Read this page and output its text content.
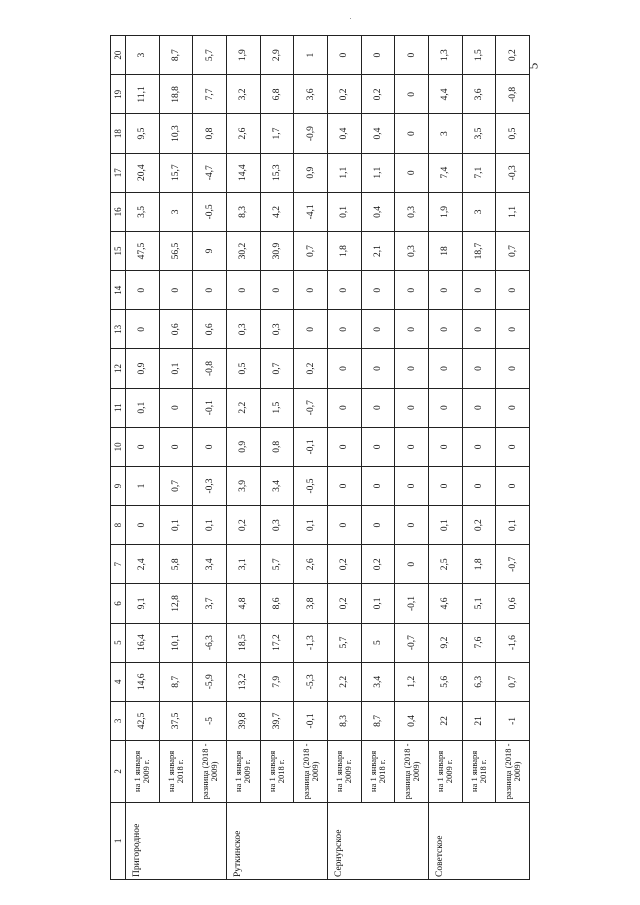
5
1	2	3	4	5	6	7	8	9	10	11	12	13	14	15	16	17	18	19	20
Пригородное	на 1 января 2009 г.	42,5	14,6	16,4	9,1	2,4	0	1	0	0,1	0,9	0	0	47,5	3,5	20,4	9,5	11,1	3
	на 1 января 2018 г.	37,5	8,7	10,1	12,8	5,8	0,1	0,7	0	0	0,1	0,6	0	56,5	3	15,7	10,3	18,8	8,7
	разница (2018 - 2009)	-5	-5,9	-6,3	3,7	3,4	0,1	-0,3	0	-0,1	-0,8	0,6	0	9	-0,5	-4,7	0,8	7,7	5,7
Руткинское	на 1 января 2009 г.	39,8	13,2	18,5	4,8	3,1	0,2	3,9	0,9	2,2	0,5	0,3	0	30,2	8,3	14,4	2,6	3,2	1,9
	на 1 января 2018 г.	39,7	7,9	17,2	8,6	5,7	0,3	3,4	0,8	1,5	0,7	0,3	0	30,9	4,2	15,3	1,7	6,8	2,9
	разница (2018 - 2009)	-0,1	-5,3	-1,3	3,8	2,6	0,1	-0,5	-0,1	-0,7	0,2	0	0	0,7	-4,1	0,9	-0,9	3,6	1
Сернурское	на 1 января 2009 г.	8,3	2,2	5,7	0,2	0,2	0	0	0	0	0	0	0	1,8	0,1	1,1	0,4	0,2	0
	на 1 января 2018 г.	8,7	3,4	5	0,1	0,2	0	0	0	0	0	0	0	2,1	0,4	1,1	0,4	0,2	0
	разница (2018 - 2009)	0,4	1,2	-0,7	-0,1	0	0	0	0	0	0	0	0	0,3	0,3	0	0	0	0
Советское	на 1 января 2009 г.	22	5,6	9,2	4,6	2,5	0,1	0	0	0	0	0	0	18	1,9	7,4	3	4,4	1,3
	на 1 января 2018 г.	21	6,3	7,6	5,1	1,8	0,2	0	0	0	0	0	0	18,7	3	7,1	3,5	3,6	1,5
	разница (2018 - 2009)	-1	0,7	-1,6	0,6	-0,7	0,1	0	0	0	0	0	0	0,7	1,1	-0,3	0,5	-0,8	0,2
